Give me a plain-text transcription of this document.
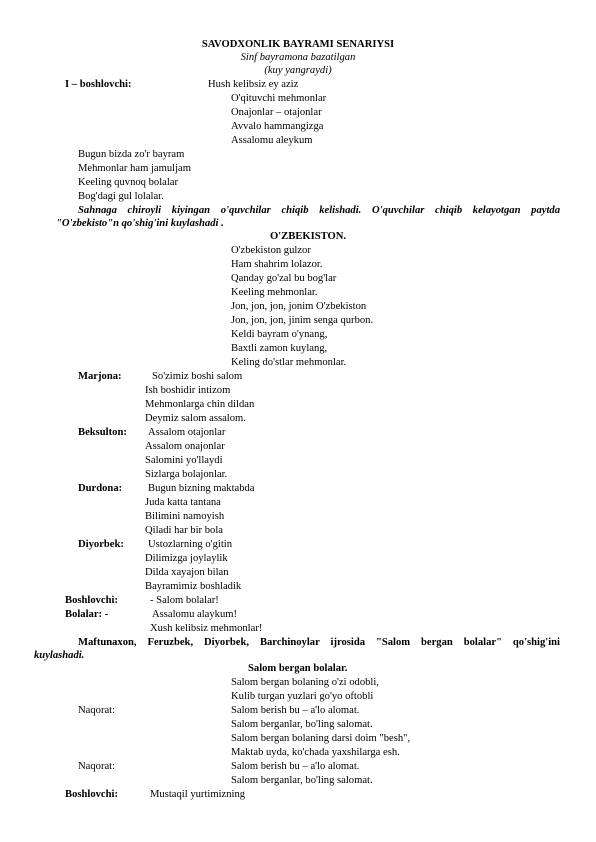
SAVODXONLIK BAYRAMI SENARIYSI
Sinf bayramona bazatilgan
(kuy yangraydi)
I – boshlovchi:	Hush kelibsiz ey aziz
O'qituvchi mehmonlar
Onajonlar – otajonlar
Avvalo hammangizga
Assalomu aleykum
Bugun bizda zo'r bayram
Mehmonlar ham jamuljam
Keeling quvnoq bolalar
Bog'dagi gul lolalar.
Sahnaga chiroyli kiyingan o'quvchilar chiqib kelishadi. O'quvchilar chiqib kelayotgan paytda
"O'zbekisto"n qo'shig'ini kuylashadi .
O'ZBEKISTON.
O'zbekiston gulzor
Ham shahrim lolazor.
Qanday go'zal bu bog'lar
Keeling mehmonlar.
Jon, jon, jon, jonim O'zbekiston
Jon, jon, jon, jinim senga qurbon.
Keldi bayram o'ynang,
Baxtli zamon kuylang,
Keling do'stlar mehmonlar.
Marjona:	So'zimiz boshi salom
Ish boshidir intizom
Mehmonlarga chin dildan
Deymiz salom assalom.
Beksulton: Assalom otajonlar
Assalom onajonlar
Salomini yo'llaydi
Sizlarga bolajonlar.
Durdona: Bugun bizning maktabda
Juda katta tantana
Bilimini namoyish
Qiladi har bir bola
Diyorbek: Ustozlarning o'gitin
Dilimizga joylaylik
Dilda xayajon bilan
Bayramimiz boshladik
Boshlovchi:	- Salom bolalar!
Bolalar: -	Assalomu alaykum!
Xush kelibsiz mehmonlar!
Maftunaxon, Feruzbek, Diyorbek, Barchinoylar ijrosida "Salom bergan bolalar" qo'shig'ini
kuylashadi.
Salom bergan bolalar.
Salom bergan bolaning o'zi odobli,
Kulib turgan yuzlari go'yo oftobli
Naqorat:	Salom berish bu – a'lo alomat.
Salom berganlar, bo'ling salomat.
Salom bergan bolaning darsi doim "besh",
Maktab uyda, ko'chada yaxshilarga esh.
Naqorat:	Salom berish bu – a'lo alomat.
Salom berganlar, bo'ling salomat.
Boshlovchi:	Mustaqil yurtimizning
